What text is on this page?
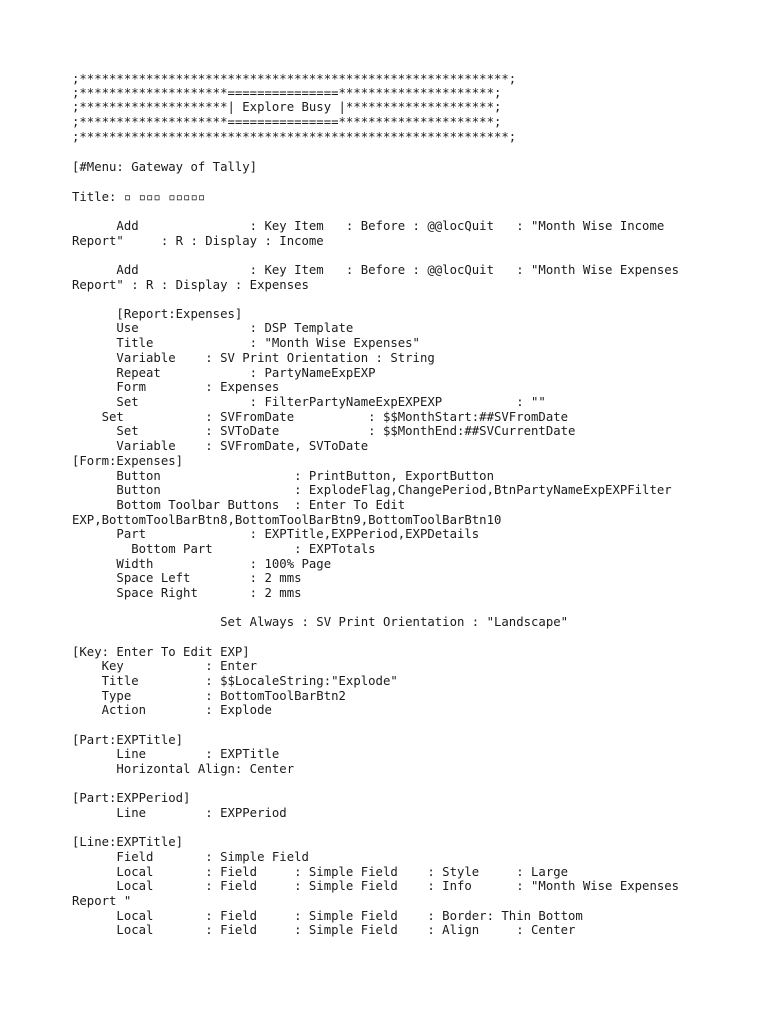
;**********************************************************;

;********************===============*********************;

;********************| Explore Busy |********************;

;********************===============*********************;

;**********************************************************;

[#Menu: Gateway of Tally]

Title: ▫ ▫▫▫ ▫▫▫▫▫

Add               : Key Item   : Before : @@locQuit   : "Month Wise Income

Report"     : R : Display : Income

Add               : Key Item   : Before : @@locQuit   : "Month Wise Expenses

Report" : R : Display : Expenses

[Report:Expenses]

Use               : DSP Template

Title             : "Month Wise Expenses"

Variable    : SV Print Orientation : String

Repeat            : PartyNameExpEXP

Form        : Expenses

Set               : FilterPartyNameExpEXPEXP          : ""

Set           : SVFromDate          : $$MonthStart:##SVFromDate

Set         : SVToDate            : $$MonthEnd:##SVCurrentDate

Variable    : SVFromDate, SVToDate

[Form:Expenses]

Button                  : PrintButton, ExportButton

Button                  : ExplodeFlag,ChangePeriod,BtnPartyNameExpEXPFilter

Bottom Toolbar Buttons  : Enter To Edit

EXP,BottomToolBarBtn8,BottomToolBarBtn9,BottomToolBarBtn10

Part              : EXPTitle,EXPPeriod,EXPDetails

Bottom Part           : EXPTotals

Width             : 100% Page

Space Left        : 2 mms

Space Right       : 2 mms

Set Always : SV Print Orientation : "Landscape"

[Key: Enter To Edit EXP]

Key           : Enter

Title         : $$LocaleString:"Explode"

Type          : BottomToolBarBtn2

Action        : Explode

[Part:EXPTitle]

Line        : EXPTitle

Horizontal Align: Center

[Part:EXPPeriod]

Line        : EXPPeriod

[Line:EXPTitle]

Field       : Simple Field

Local       : Field     : Simple Field    : Style     : Large

Local       : Field     : Simple Field    : Info      : "Month Wise Expenses

Report "

Local       : Field     : Simple Field    : Border: Thin Bottom

Local       : Field     : Simple Field    : Align     : Center
